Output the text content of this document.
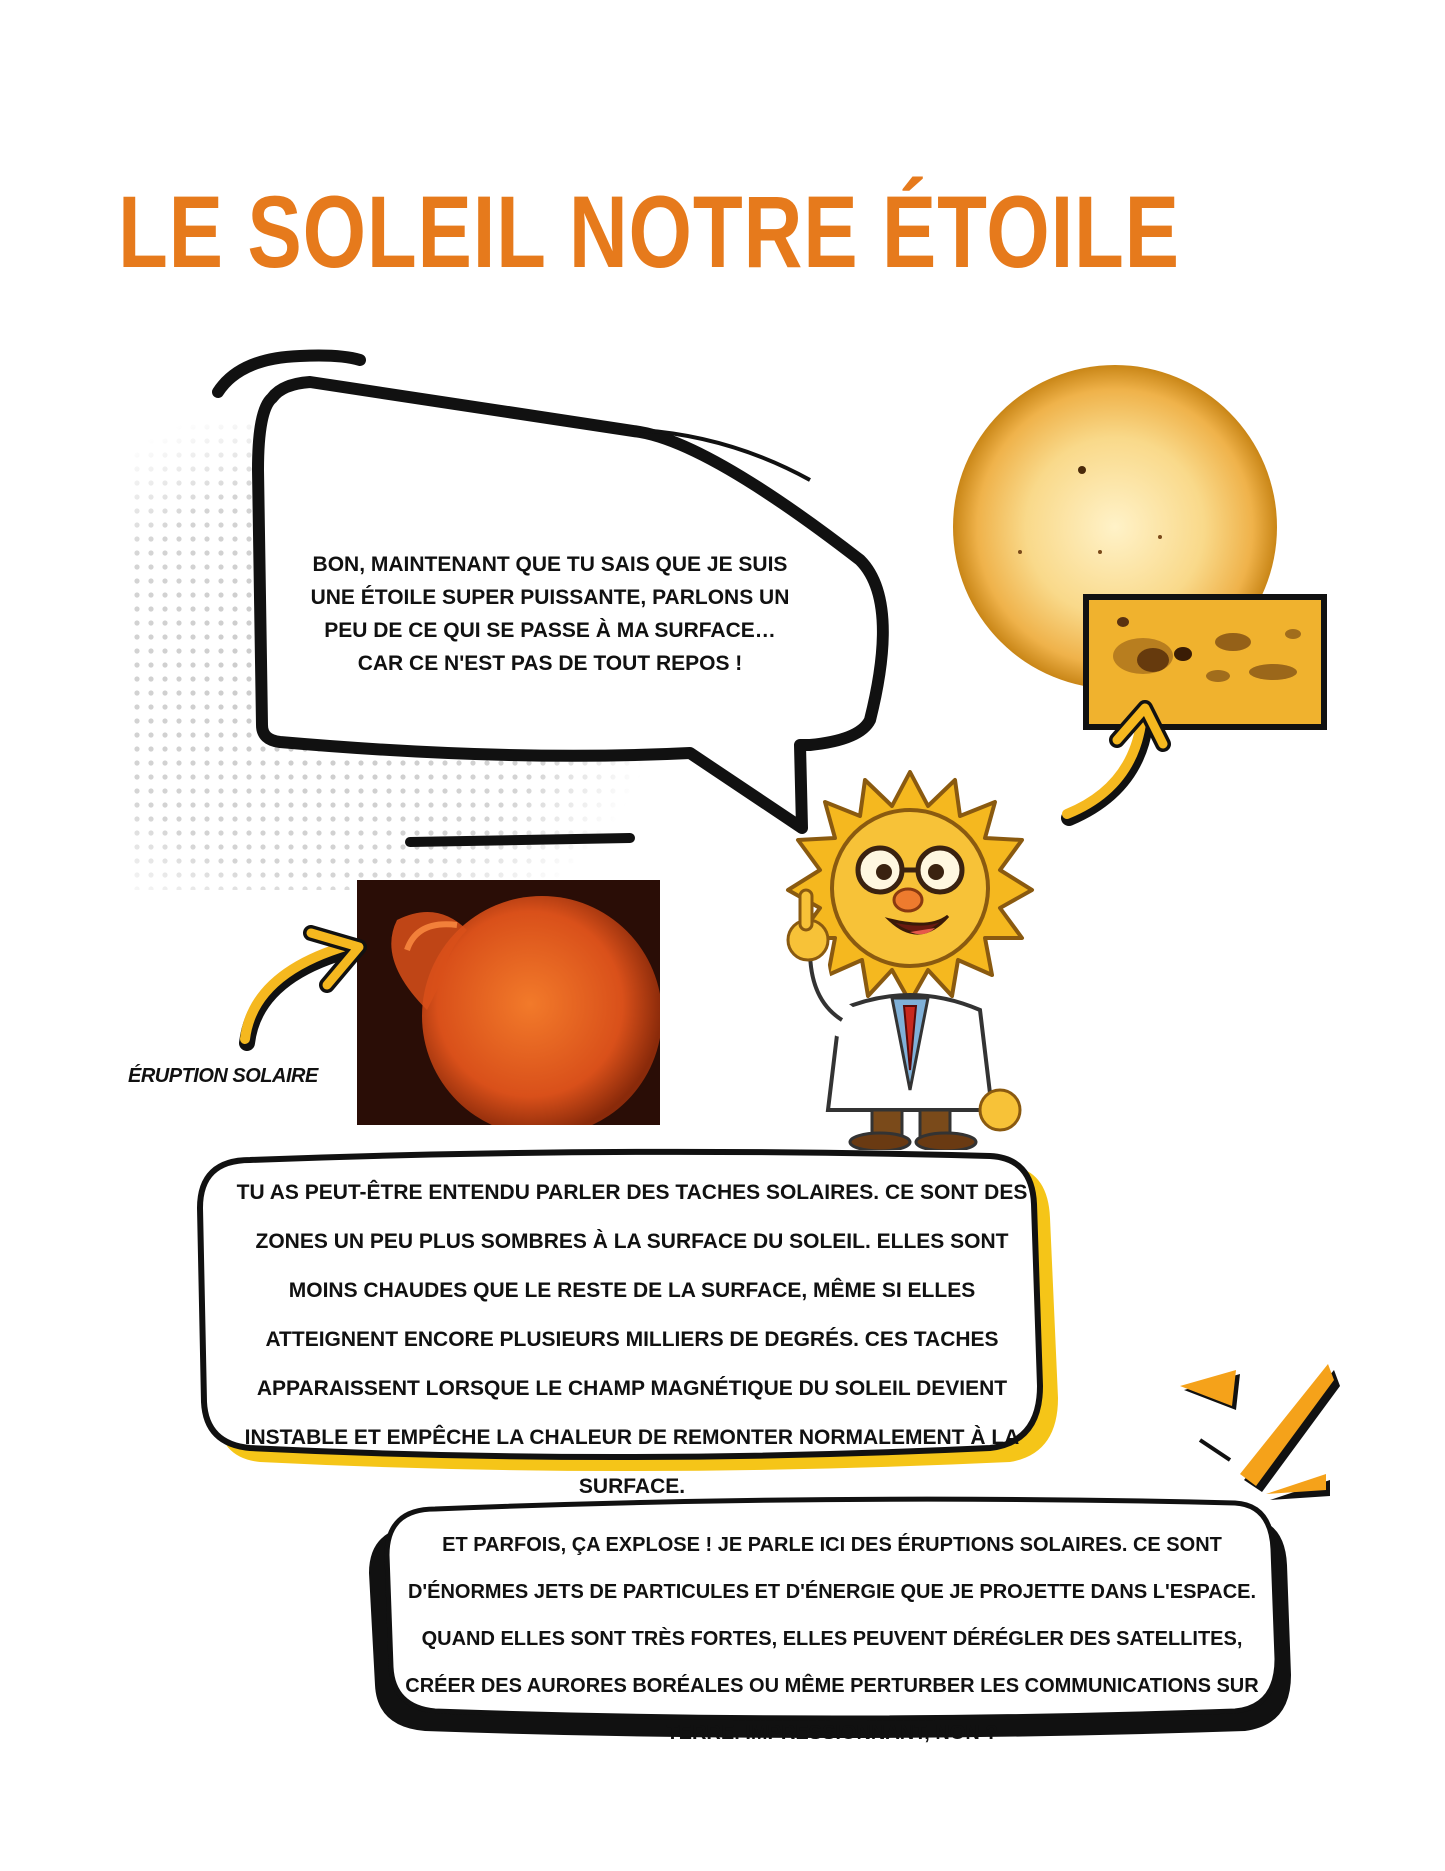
LE SOLEIL NOTRE ÉTOILE
BON, MAINTENANT QUE TU SAIS QUE JE SUIS UNE ÉTOILE SUPER PUISSANTE, PARLONS UN PEU DE CE QUI SE PASSE À MA SURFACE… CAR CE N'EST PAS DE TOUT REPOS !
ÉRUPTION SOLAIRE
TU AS PEUT-ÊTRE ENTENDU PARLER DES TACHES SOLAIRES. CE SONT DES ZONES UN PEU PLUS SOMBRES À LA SURFACE DU SOLEIL. ELLES SONT MOINS CHAUDES QUE LE RESTE DE LA SURFACE, MÊME SI ELLES ATTEIGNENT ENCORE PLUSIEURS MILLIERS DE DEGRÉS. CES TACHES APPARAISSENT LORSQUE LE CHAMP MAGNÉTIQUE DU SOLEIL DEVIENT INSTABLE ET EMPÊCHE LA CHALEUR DE REMONTER NORMALEMENT À LA SURFACE.
ET PARFOIS, ÇA EXPLOSE ! JE PARLE ICI DES ÉRUPTIONS SOLAIRES. CE SONT D'ÉNORMES JETS DE PARTICULES ET D'ÉNERGIE QUE JE PROJETTE DANS L'ESPACE. QUAND ELLES SONT TRÈS FORTES, ELLES PEUVENT DÉRÉGLER DES SATELLITES, CRÉER DES AURORES BORÉALES OU MÊME PERTURBER LES COMMUNICATIONS SUR TERRE. IMPRESSIONNANT, NON ?
